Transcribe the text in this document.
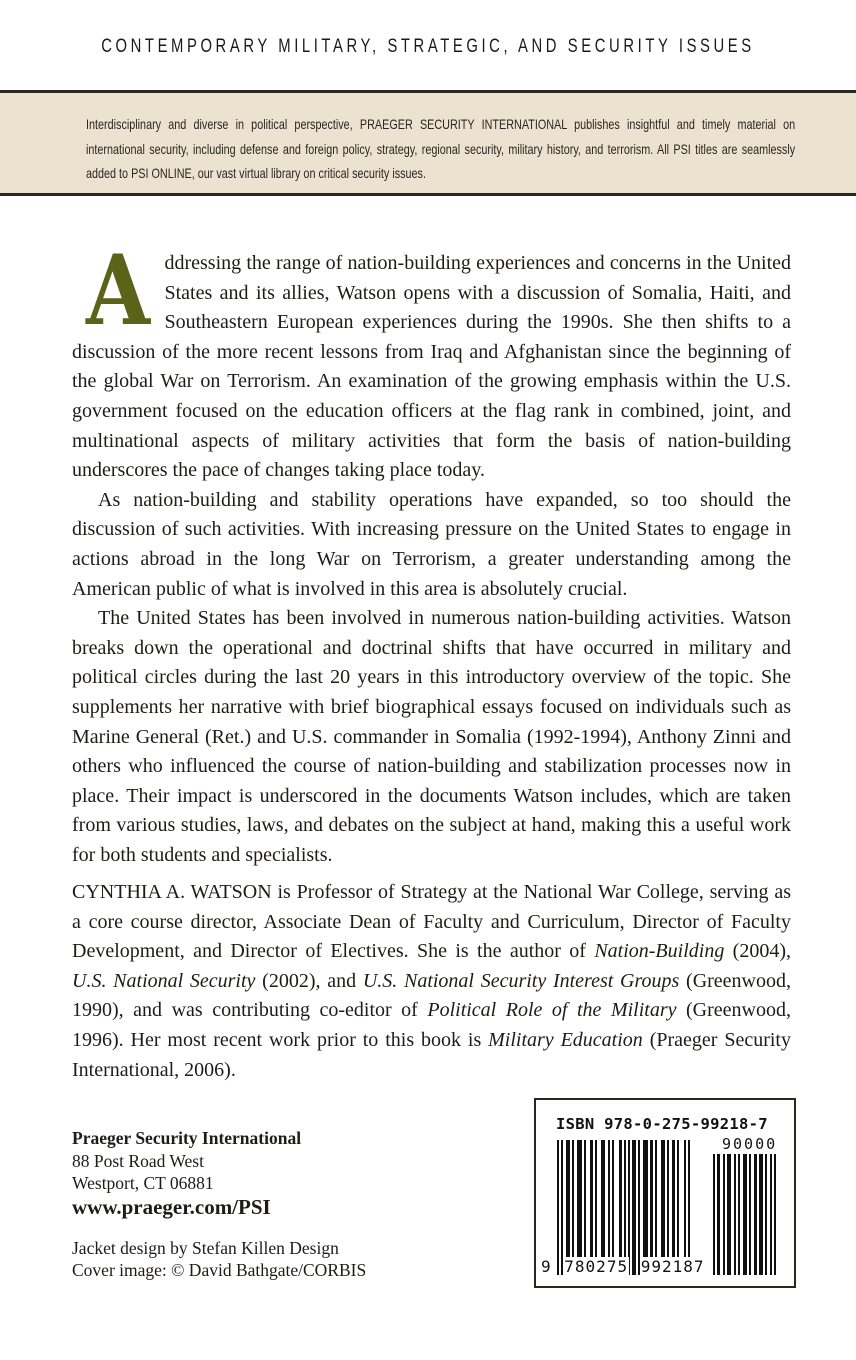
CONTEMPORARY MILITARY, STRATEGIC, AND SECURITY ISSUES
Interdisciplinary and diverse in political perspective, PRAEGER SECURITY INTERNATIONAL publishes insightful and timely material on international security, including defense and foreign policy, strategy, regional security, military history, and terrorism. All PSI titles are seamlessly added to PSI ONLINE, our vast virtual library on critical security issues.

Addressing the range of nation-building experiences and concerns in the United States and its allies, Watson opens with a discussion of Somalia, Haiti, and Southeastern European experiences during the 1990s. She then shifts to a discussion of the more recent lessons from Iraq and Afghanistan since the beginning of the global War on Terrorism. An examination of the growing emphasis within the U.S. government focused on the education officers at the flag rank in combined, joint, and multinational aspects of military activities that form the basis of nation-building underscores the pace of changes taking place today.

As nation-building and stability operations have expanded, so too should the discussion of such activities. With increasing pressure on the United States to engage in actions abroad in the long War on Terrorism, a greater understanding among the American public of what is involved in this area is absolutely crucial.

The United States has been involved in numerous nation-building activities. Watson breaks down the operational and doctrinal shifts that have occurred in military and political circles during the last 20 years in this introductory overview of the topic. She supplements her narrative with brief biographical essays focused on individuals such as Marine General (Ret.) and U.S. commander in Somalia (1992-1994), Anthony Zinni and others who influenced the course of nation-building and stabilization processes now in place. Their impact is underscored in the documents Watson includes, which are taken from various studies, laws, and debates on the subject at hand, making this a useful work for both students and specialists.

CYNTHIA A. WATSON is Professor of Strategy at the National War College, serving as a core course director, Associate Dean of Faculty and Curriculum, Director of Faculty Development, and Director of Electives. She is the author of Nation-Building (2004), U.S. National Security (2002), and U.S. National Security Interest Groups (Greenwood, 1990), and was contributing co-editor of Political Role of the Military (Greenwood, 1996). Her most recent work prior to this book is Military Education (Praeger Security International, 2006).

Praeger Security International
88 Post Road West
Westport, CT 06881
www.praeger.com/PSI
Jacket design by Stefan Killen Design
Cover image: © David Bathgate/CORBIS
ISBN 978-0-275-99218-7
90000
9 780275 992187
